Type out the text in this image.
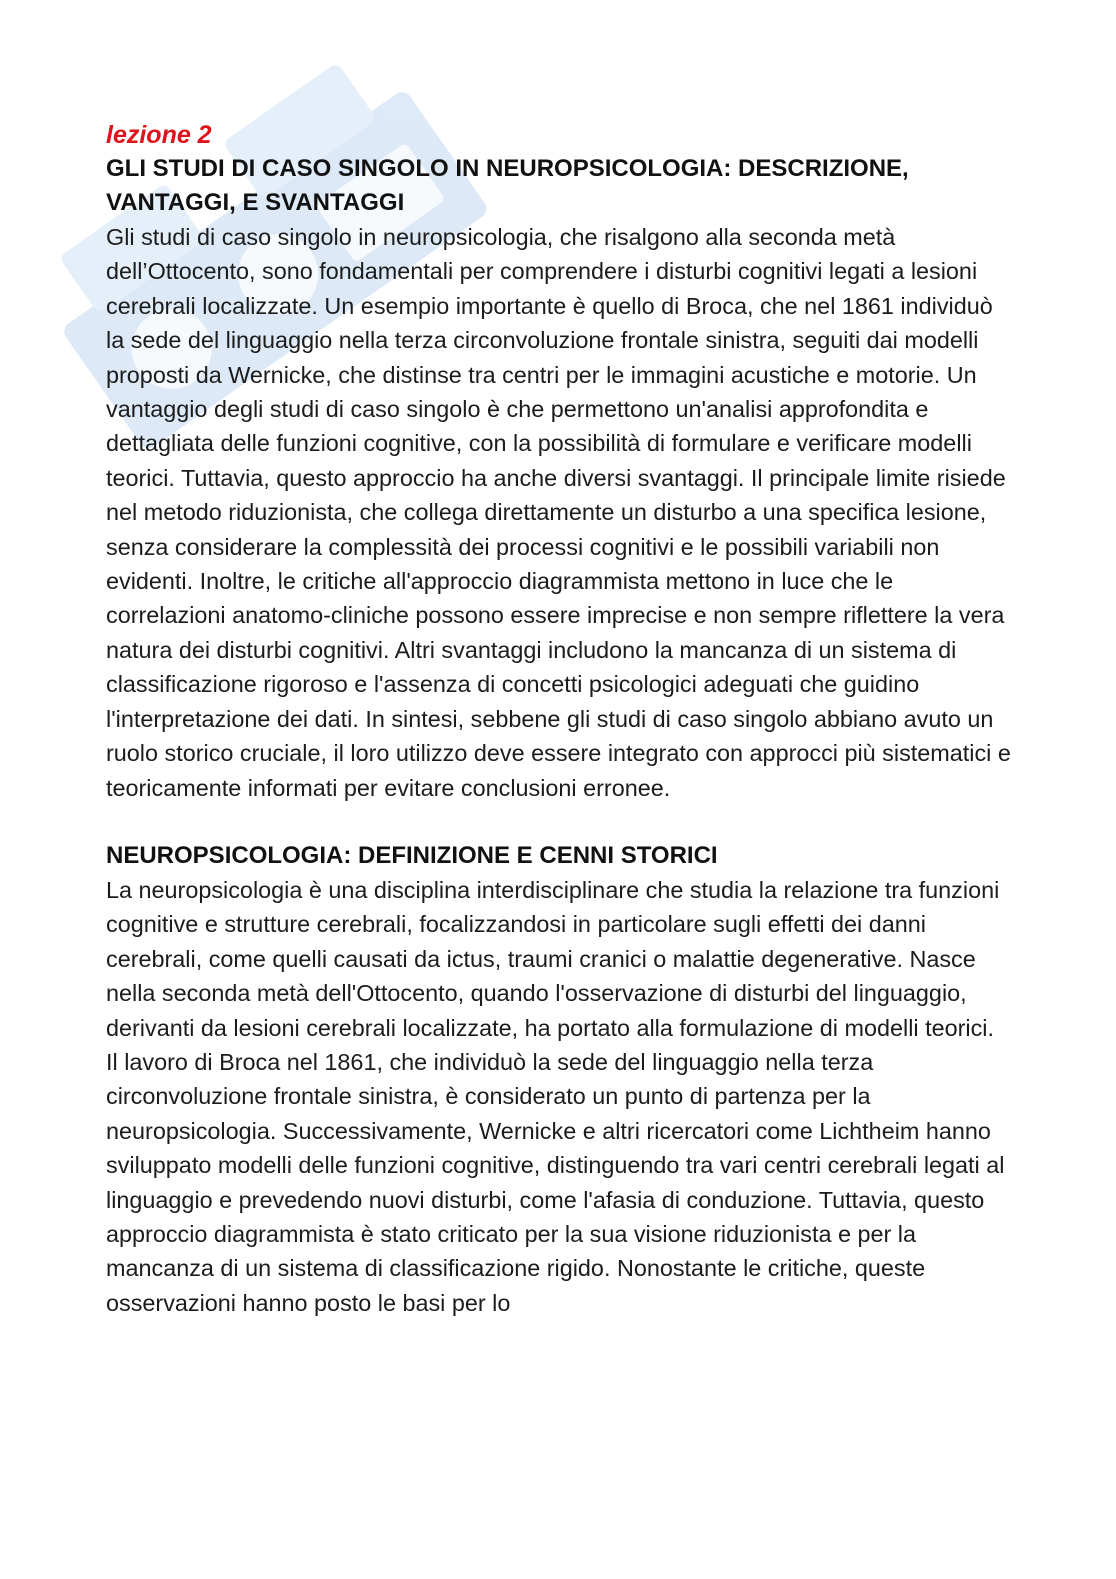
lezione 2

GLI STUDI DI CASO SINGOLO IN NEUROPSICOLOGIA: DESCRIZIONE, VANTAGGI, E SVANTAGGI

Gli studi di caso singolo in neuropsicologia, che risalgono alla seconda metà dell’Ottocento, sono fondamentali per comprendere i disturbi cognitivi legati a lesioni cerebrali localizzate. Un esempio importante è quello di Broca, che nel 1861 individuò la sede del linguaggio nella terza circonvoluzione frontale sinistra, seguiti dai modelli proposti da Wernicke, che distinse tra centri per le immagini acustiche e motorie. Un vantaggio degli studi di caso singolo è che permettono un'analisi approfondita e dettagliata delle funzioni cognitive, con la possibilità di formulare e verificare modelli teorici. Tuttavia, questo approccio ha anche diversi svantaggi. Il principale limite risiede nel metodo riduzionista, che collega direttamente un disturbo a una specifica lesione, senza considerare la complessità dei processi cognitivi e le possibili variabili non evidenti. Inoltre, le critiche all'approccio diagrammista mettono in luce che le correlazioni anatomo-cliniche possono essere imprecise e non sempre riflettere la vera natura dei disturbi cognitivi. Altri svantaggi includono la mancanza di un sistema di classificazione rigoroso e l'assenza di concetti psicologici adeguati che guidino l'interpretazione dei dati. In sintesi, sebbene gli studi di caso singolo abbiano avuto un ruolo storico cruciale, il loro utilizzo deve essere integrato con approcci più sistematici e teoricamente informati per evitare conclusioni erronee.

NEUROPSICOLOGIA: DEFINIZIONE E CENNI STORICI

La neuropsicologia è una disciplina interdisciplinare che studia la relazione tra funzioni cognitive e strutture cerebrali, focalizzandosi in particolare sugli effetti dei danni cerebrali, come quelli causati da ictus, traumi cranici o malattie degenerative. Nasce nella seconda metà dell'Ottocento, quando l'osservazione di disturbi del linguaggio, derivanti da lesioni cerebrali localizzate, ha portato alla formulazione di modelli teorici. Il lavoro di Broca nel 1861, che individuò la sede del linguaggio nella terza circonvoluzione frontale sinistra, è considerato un punto di partenza per la neuropsicologia. Successivamente, Wernicke e altri ricercatori come Lichtheim hanno sviluppato modelli delle funzioni cognitive, distinguendo tra vari centri cerebrali legati al linguaggio e prevedendo nuovi disturbi, come l'afasia di conduzione. Tuttavia, questo approccio diagrammista è stato criticato per la sua visione riduzionista e per la mancanza di un sistema di classificazione rigido. Nonostante le critiche, queste osservazioni hanno posto le basi per lo
